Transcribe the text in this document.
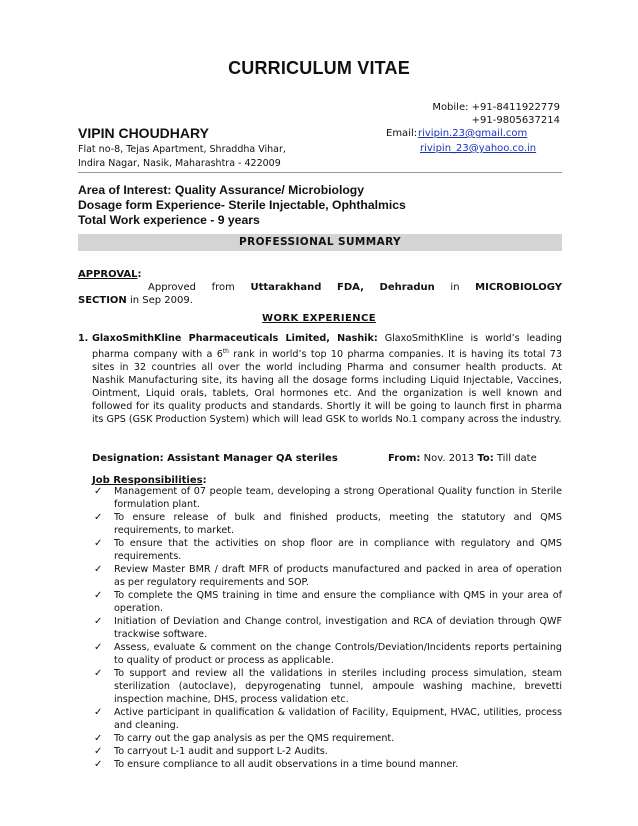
CURRICULUM VITAE
Mobile: +91-8411922779
+91-9805637214
VIPIN CHOUDHARY	Email: rivipin.23@gmail.com
Flat no-8, Tejas Apartment, Shraddha Vihar,	rivipin_23@yahoo.co.in
Indira Nagar, Nasik, Maharashtra - 422009
Area of Interest: Quality Assurance/ Microbiology
Dosage form Experience- Sterile Injectable, Ophthalmics
Total Work experience - 9 years
PROFESSIONAL SUMMARY
APPROVAL:
Approved from Uttarakhand FDA, Dehradun in MICROBIOLOGY
SECTION in Sep 2009.
WORK EXPERIENCE
1. GlaxoSmithKline Pharmaceuticals Limited, Nashik: GlaxoSmithKline is world’s leading pharma company with a 6th rank in world’s top 10 pharma companies. It is having its total 73 sites in 32 countries all over the world including Pharma and consumer health products. At Nashik Manufacturing site, its having all the dosage forms including Liquid Injectable, Vaccines, Ointment, Liquid orals, tablets, Oral hormones etc. And the organization is well known and followed for its quality products and standards. Shortly it will be going to launch first in pharma its GPS (GSK Production System) which will lead GSK to worlds No.1 company across the industry.
Designation: Assistant Manager QA steriles	From: Nov. 2013 To: Till date
Job Responsibilities:
✓ Management of 07 people team, developing a strong Operational Quality function in Sterile formulation plant.
✓ To ensure release of bulk and finished products, meeting the statutory and QMS requirements, to market.
✓ To ensure that the activities on shop floor are in compliance with regulatory and QMS requirements.
✓ Review Master BMR / draft MFR of products manufactured and packed in area of operation as per regulatory requirements and SOP.
✓ To complete the QMS training in time and ensure the compliance with QMS in your area of operation.
✓ Initiation of Deviation and Change control, investigation and RCA of deviation through QWF trackwise software.
✓ Assess, evaluate & comment on the change Controls/Deviation/Incidents reports pertaining to quality of product or process as applicable.
✓ To support and review all the validations in steriles including process simulation, steam sterilization (autoclave), depyrogenating tunnel, ampoule washing machine, brevetti inspection machine, DHS, process validation etc.
✓ Active participant in qualification & validation of Facility, Equipment, HVAC, utilities, process and cleaning.
✓ To carry out the gap analysis as per the QMS requirement.
✓ To carryout L-1 audit and support L-2 Audits.
✓ To ensure compliance to all audit observations in a time bound manner.
